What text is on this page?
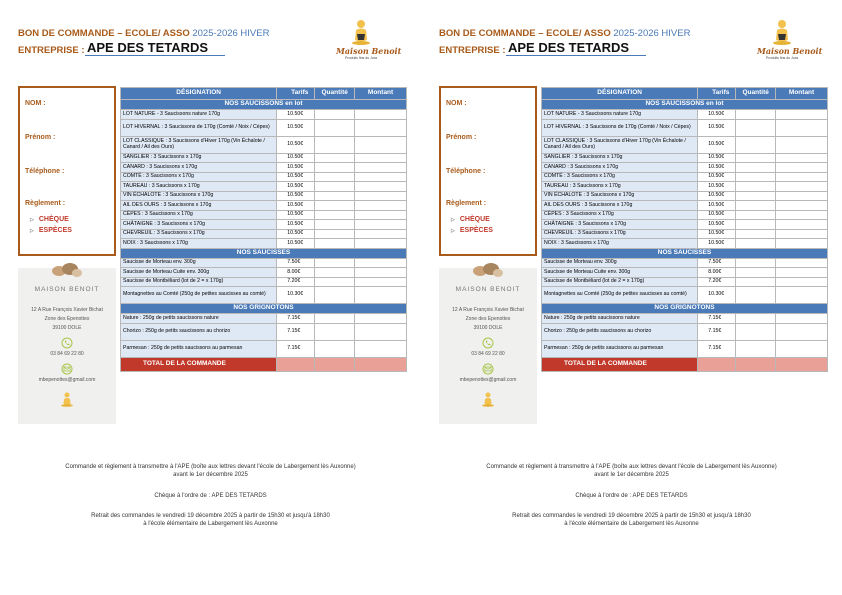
BON DE COMMANDE – ECOLE/ ASSO 2025-2026 HIVER
ENTREPRISE : APE DES TETARDS	Maison Benoit
Produits fins du Jura
NOM :
Prénom :
Téléphone :
Règlement :
▷ CHÈQUE
▷ ESPÈCES
MAISON BENOIT
12 A Rue François Xavier Bichat
Zone des Epenottes
39100 DOLE
03 84 69 22 80
mbepenottes@gmail.com
DÉSIGNATION	Tarifs	Quantité	Montant
NOS SAUCISSONS en lot			
LOT NATURE - 3 Saucissons nature 170g	10.50€		
LOT HIVERNAL : 3 Saucissons de 170g (Comté / Noix / Cèpes)	10.50€		
LOT CLASSIQUE : 3 Saucissons d'Hiver 170g (Vin Échalote / Canard / Ail des Ours)	10.50€		
SANGLIER : 3 Saucissons x 170g	10.50€		
CANARD : 3 Saucissons x 170g	10.50€		
COMTÉ : 3 Saucissons x 170g	10.50€		
TAUREAU : 3 Saucissons x 170g	10.50€		
VIN ÉCHALOTE : 3 Saucissons x 170g	10.50€		
AIL DES OURS : 3 Saucissons x 170g	10.50€		
CÈPES : 3 Saucissons x 170g	10.50€		
CHÂTAIGNE : 3 Saucissons x 170g	10.50€		
CHEVREUIL : 3 Saucissons x 170g	10.50€		
NOIX : 3 Saucissons x 170g	10.50€		
NOS SAUCISSES			
Saucisse de Morteau env. 300g	7.50€		
Saucisse de Morteau Cuite env. 300g	8.00€		
Saucisse de Montbéliard (lot de 2 = x 170g)	7.20€		
Montagnettes au Comté (250g de petites saucisses au comté)	10.30€		
NOS GRIGNOTONS			
Nature : 250g de petits saucissons nature	7.15€		
Chorizo : 250g de petits saucissons au chorizo	7.15€		
Parmesan : 250g de petits saucissons au parmesan	7.15€		
TOTAL DE LA COMMANDE			
Commande et règlement à transmettre à l'APE (boîte aux lettres devant l'école de Labergement lès Auxonne)
avant le 1er décembre 2025
Chèque à l'ordre de : APE DES TETARDS
Retrait des commandes le vendredi 19 décembre 2025 à partir de 15h30 et jusqu'à 18h30
à l'école élémentaire de Labergement lès Auxonne
BON DE COMMANDE – ECOLE/ ASSO 2025-2026 HIVER
ENTREPRISE : APE DES TETARDS	Maison Benoit
Produits fins du Jura
NOM :
Prénom :
Téléphone :
Règlement :
▷ CHÈQUE
▷ ESPÈCES
MAISON BENOIT
12 A Rue François Xavier Bichat
Zone des Epenottes
39100 DOLE
03 84 69 22 80
mbepenottes@gmail.com
DÉSIGNATION	Tarifs	Quantité	Montant
NOS SAUCISSONS en lot			
LOT NATURE - 3 Saucissons nature 170g	10.50€		
LOT HIVERNAL : 3 Saucissons de 170g (Comté / Noix / Cèpes)	10.50€		
LOT CLASSIQUE : 3 Saucissons d'Hiver 170g (Vin Échalote / Canard / Ail des Ours)	10.50€		
SANGLIER : 3 Saucissons x 170g	10.50€		
CANARD : 3 Saucissons x 170g	10.50€		
COMTÉ : 3 Saucissons x 170g	10.50€		
TAUREAU : 3 Saucissons x 170g	10.50€		
VIN ÉCHALOTE : 3 Saucissons x 170g	10.50€		
AIL DES OURS : 3 Saucissons x 170g	10.50€		
CÈPES : 3 Saucissons x 170g	10.50€		
CHÂTAIGNE : 3 Saucissons x 170g	10.50€		
CHEVREUIL : 3 Saucissons x 170g	10.50€		
NOIX : 3 Saucissons x 170g	10.50€		
NOS SAUCISSES			
Saucisse de Morteau env. 300g	7.50€		
Saucisse de Morteau Cuite env. 300g	8.00€		
Saucisse de Montbéliard (lot de 2 = x 170g)	7.20€		
Montagnettes au Comté (250g de petites saucisses au comté)	10.30€		
NOS GRIGNOTONS			
Nature : 250g de petits saucissons nature	7.15€		
Chorizo : 250g de petits saucissons au chorizo	7.15€		
Parmesan : 250g de petits saucissons au parmesan	7.15€		
TOTAL DE LA COMMANDE			
Commande et règlement à transmettre à l'APE (boîte aux lettres devant l'école de Labergement lès Auxonne)
avant le 1er décembre 2025
Chèque à l'ordre de : APE DES TETARDS
Retrait des commandes le vendredi 19 décembre 2025 à partir de 15h30 et jusqu'à 18h30
à l'école élémentaire de Labergement lès Auxonne
